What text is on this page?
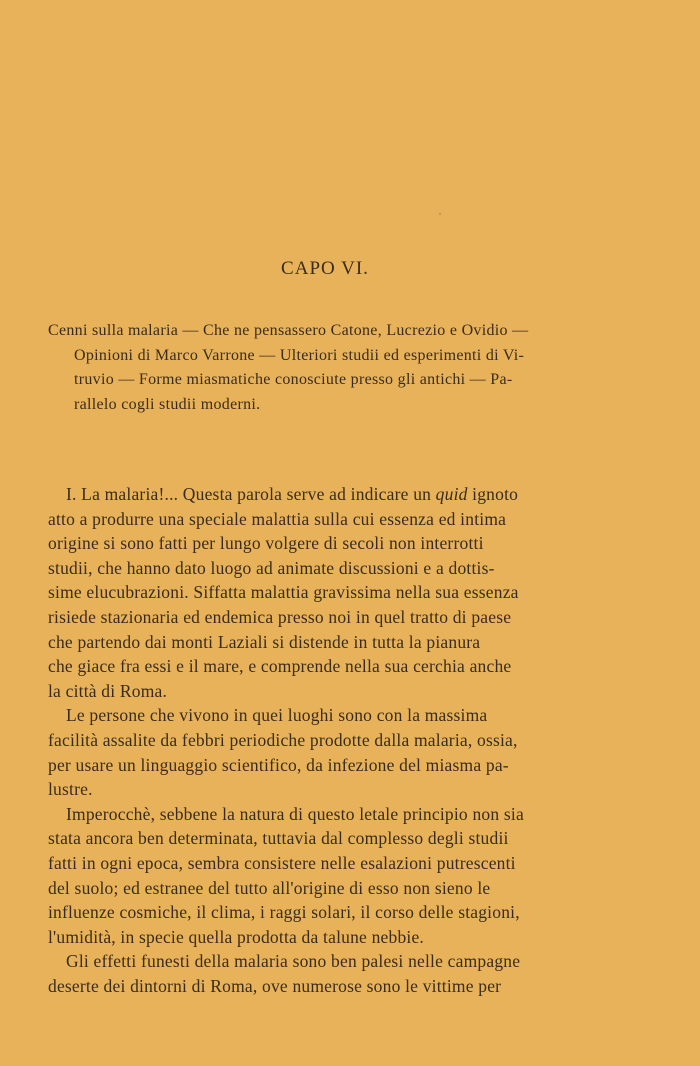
CAPO VI.
Cenni sulla malaria — Che ne pensassero Catone, Lucrezio e Ovidio —
Opinioni di Marco Varrone — Ulteriori studii ed esperimenti di Vi-
truvio — Forme miasmatiche conosciute presso gli antichi — Pa-
rallelo cogli studii moderni.
I. La malaria!... Questa parola serve ad indicare un quid ignoto
atto a produrre una speciale malattia sulla cui essenza ed intima
origine si sono fatti per lungo volgere di secoli non interrotti
studii, che hanno dato luogo ad animate discussioni e a dottis-
sime elucubrazioni. Siffatta malattia gravissima nella sua essenza
risiede stazionaria ed endemica presso noi in quel tratto di paese
che partendo dai monti Laziali si distende in tutta la pianura
che giace fra essi e il mare, e comprende nella sua cerchia anche
la città di Roma.
Le persone che vivono in quei luoghi sono con la massima
facilità assalite da febbri periodiche prodotte dalla malaria, ossia,
per usare un linguaggio scientifico, da infezione del miasma pa-
lustre.
Imperocchè, sebbene la natura di questo letale principio non sia
stata ancora ben determinata, tuttavia dal complesso degli studii
fatti in ogni epoca, sembra consistere nelle esalazioni putrescenti
del suolo; ed estranee del tutto all'origine di esso non sieno le
influenze cosmiche, il clima, i raggi solari, il corso delle stagioni,
l'umidità, in specie quella prodotta da talune nebbie.
Gli effetti funesti della malaria sono ben palesi nelle campagne
deserte dei dintorni di Roma, ove numerose sono le vittime per
